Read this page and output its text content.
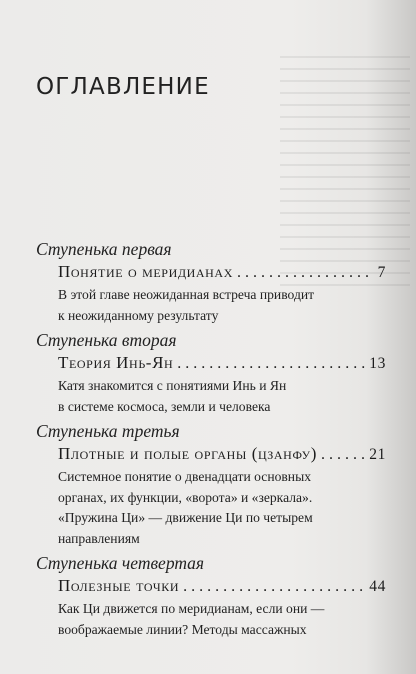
ОГЛАВЛЕНИЕ
Ступенька первая
Понятие о меридианах . . .	7
В этой главе неожиданная встреча приводит
к неожиданному результату
Ступенька вторая
Теория Инь-Ян . . .	13
Катя знакомится с понятиями Инь и Ян
в системе космоса, земли и человека
Ступенька третья
Плотные и полые органы (цзанфу) . . .	21
Системное понятие о двенадцати основных
органах, их функции, «ворота» и «зеркала».
«Пружина Ци» — движение Ци по четырем
направлениям
Ступенька четвертая
Полезные точки . . .	44
Как Ци движется по меридианам, если они —
воображаемые линии? Методы массажных
